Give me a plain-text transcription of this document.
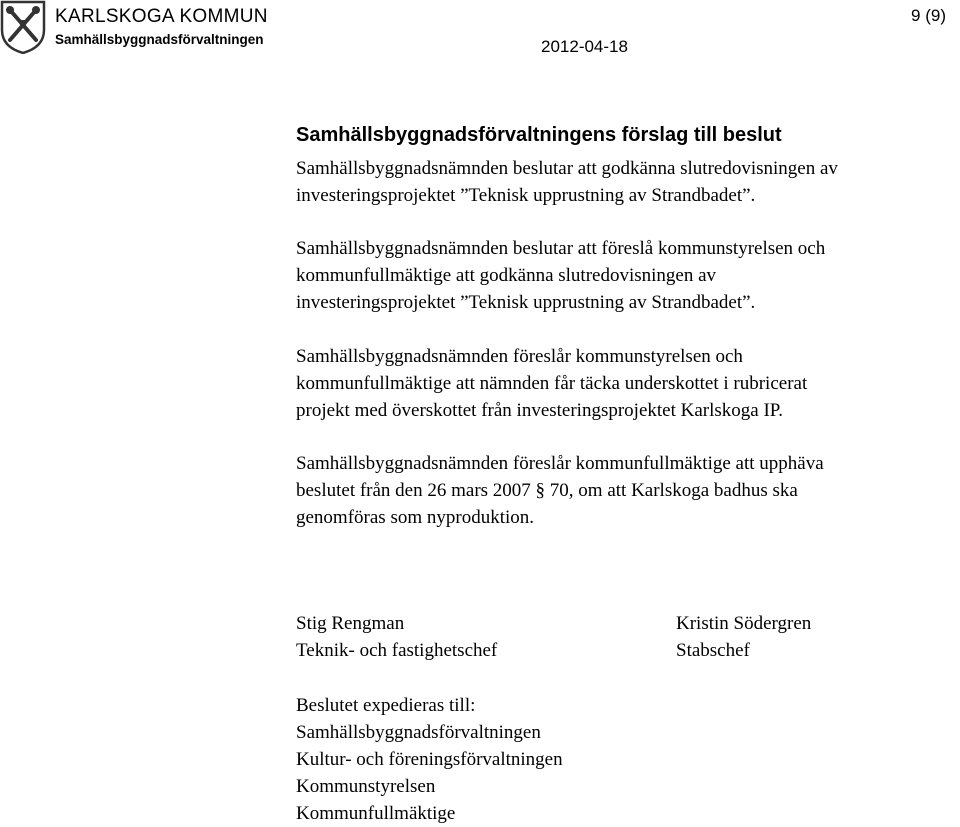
KARLSKOGA KOMMUN
Samhällsbyggnadsförvaltningen	2012-04-18
9 (9)
Samhällsbyggnadsförvaltningens förslag till beslut

Samhällsbyggnadsnämnden beslutar att godkänna slutredovisningen av
investeringsprojektet ”Teknisk upprustning av Strandbadet”.

Samhällsbyggnadsnämnden beslutar att föreslå kommunstyrelsen och
kommunfullmäktige att godkänna slutredovisningen av
investeringsprojektet ”Teknisk upprustning av Strandbadet”.

Samhällsbyggnadsnämnden föreslår kommunstyrelsen och
kommunfullmäktige att nämnden får täcka underskottet i rubricerat
projekt med överskottet från investeringsprojektet Karlskoga IP.

Samhällsbyggnadsnämnden föreslår kommunfullmäktige att upphäva
beslutet från den 26 mars 2007 § 70, om att Karlskoga badhus ska
genomföras som nyproduktion.

Stig Rengman
Teknik- och fastighetschef

Kristin Södergren
Stabschef

Beslutet expedieras till:
Samhällsbyggnadsförvaltningen
Kultur- och föreningsförvaltningen
Kommunstyrelsen
Kommunfullmäktige
